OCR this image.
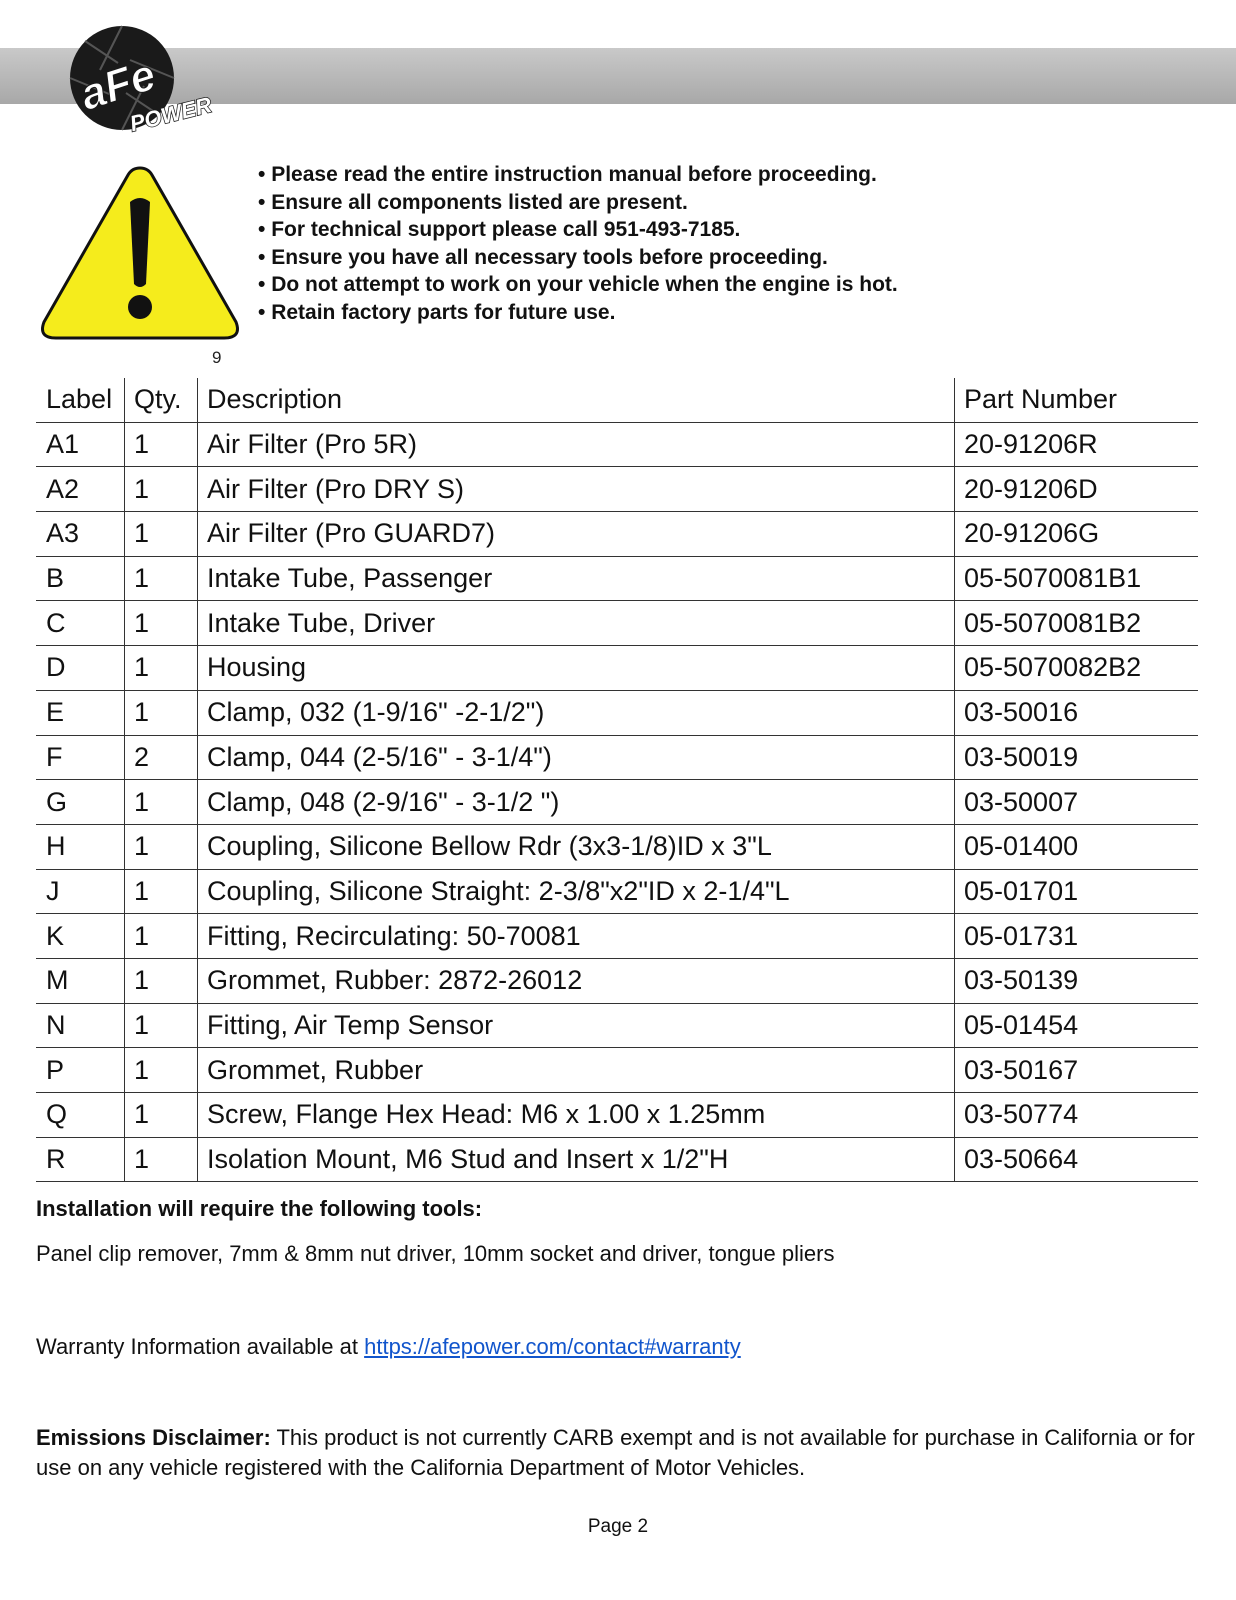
aFe
POWER
9
• Please read the entire instruction manual before proceeding.
• Ensure all components listed are present.
• For technical support please call 951-493-7185.
• Ensure you have all necessary tools before proceeding.
• Do not attempt to work on your vehicle when the engine is hot.
• Retain factory parts for future use.
Label	Qty.	Description	Part Number
A1	1	Air Filter (Pro 5R)	20-91206R
A2	1	Air Filter (Pro DRY S)	20-91206D
A3	1	Air Filter (Pro GUARD7)	20-91206G
B	1	Intake Tube, Passenger	05-5070081B1
C	1	Intake Tube, Driver	05-5070081B2
D	1	Housing	05-5070082B2
E	1	Clamp, 032 (1-9/16" -2-1/2")	03-50016
F	2	Clamp, 044 (2-5/16" - 3-1/4")	03-50019
G	1	Clamp, 048 (2-9/16" - 3-1/2 ")	03-50007
H	1	Coupling, Silicone Bellow Rdr (3x3-1/8)ID x 3"L	05-01400
J	1	Coupling, Silicone Straight: 2-3/8"x2"ID x 2-1/4"L	05-01701
K	1	Fitting, Recirculating: 50-70081	05-01731
M	1	Grommet, Rubber: 2872-26012	03-50139
N	1	Fitting, Air Temp Sensor	05-01454
P	1	Grommet, Rubber	03-50167
Q	1	Screw, Flange Hex Head: M6 x 1.00 x 1.25mm	03-50774
R	1	Isolation Mount, M6 Stud and Insert x 1/2"H	03-50664
Installation will require the following tools:
Panel clip remover, 7mm & 8mm nut driver, 10mm socket and driver, tongue pliers
Warranty Information available at https://afepower.com/contact#warranty
Emissions Disclaimer: This product is not currently CARB exempt and is not available for purchase in California or for use on any vehicle registered with the California Department of Motor Vehicles.
Page 2
